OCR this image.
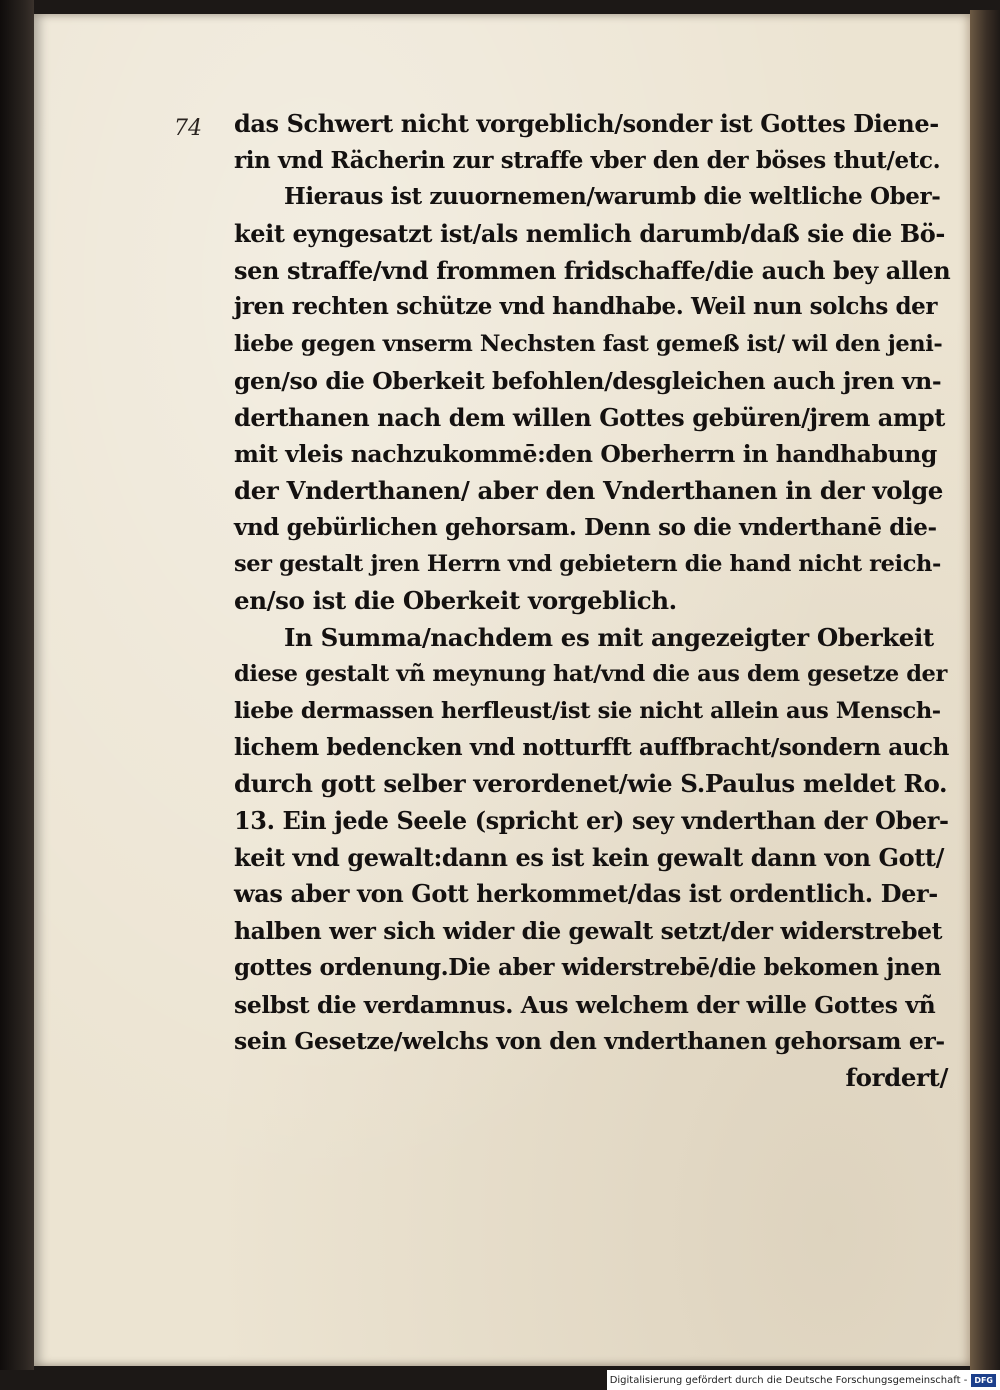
74 das Schwert nicht vorgeblich/sonder ist Gottes Diene-
rin vnd Rächerin zur straffe vber den der böses thut/etc.
Hieraus ist zuuornemen/warumb die weltliche Ober-
keit eyngesatzt ist/als nemlich darumb/daß sie die Bö-
sen straffe/vnd frommen fridschaffe/die auch bey allen
jren rechten schütze vnd handhabe. Weil nun solchs der
liebe gegen vnserm Nechsten fast gemeß ist/ wil den jeni-
gen/so die Oberkeit befohlen/desgleichen auch jren vn-
derthanen nach dem willen Gottes gebüren/jrem ampt
mit vleis nachzukommē:den Oberherrn in handhabung
der Vnderthanen/ aber den Vnderthanen in der volge
vnd gebürlichen gehorsam. Denn so die vnderthanē die-
ser gestalt jren Herrn vnd gebietern die hand nicht reich-
en/so ist die Oberkeit vorgeblich.
In Summa/nachdem es mit angezeigter Oberkeit
diese gestalt vñ meynung hat/vnd die aus dem gesetze der
liebe dermassen herfleust/ist sie nicht allein aus Mensch-
lichem bedencken vnd notturfft auffbracht/sondern auch
durch gott selber verordenet/wie S.Paulus meldet Ro.
13. Ein jede Seele (spricht er) sey vnderthan der Ober-
keit vnd gewalt:dann es ist kein gewalt dann von Gott/
was aber von Gott herkommet/das ist ordentlich. Der-
halben wer sich wider die gewalt setzt/der widerstrebet
gottes ordenung.Die aber widerstrebē/die bekomen jnen
selbst die verdamnus. Aus welchem der wille Gottes vñ
sein Gesetze/welchs von den vnderthanen gehorsam er-
fordert/
Digitalisierung gefördert durch die Deutsche Forschungsgemeinschaft - DFG
